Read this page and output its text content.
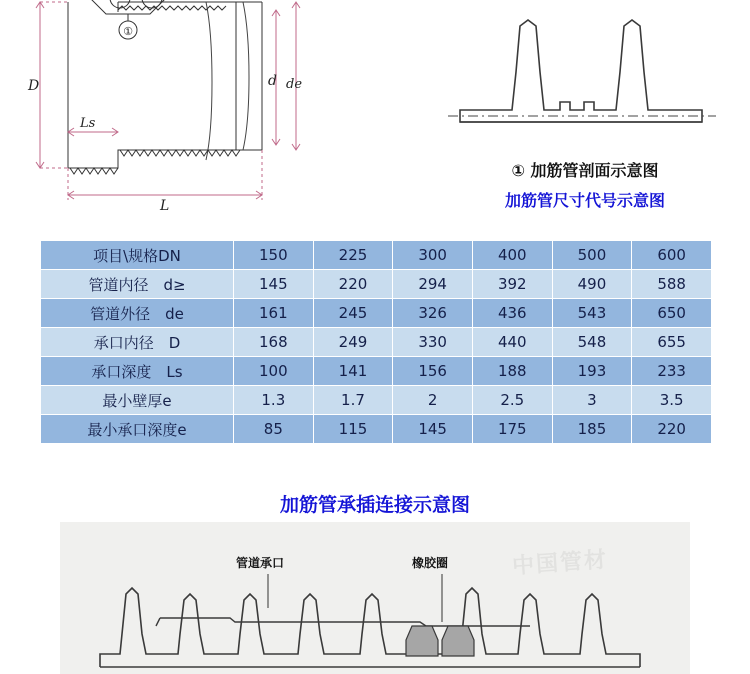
①
D	d de
Ls
L
① 加筋管剖面示意图
加筋管尺寸代号示意图
项目\规格DN	150	225	300	400	500	600
管道内径　d≥	145	220	294	392	490	588
管道外径　de	161	245	326	436	543	650
承口内径　D	168	249	330	440	548	655
承口深度　Ls	100	141	156	188	193	233
最小壁厚e	1.3	1.7	2	2.5	3	3.5
最小承口深度e	85	115	145	175	185	220
加筋管承插连接示意图
管道承口	橡胶圈	中国管材
